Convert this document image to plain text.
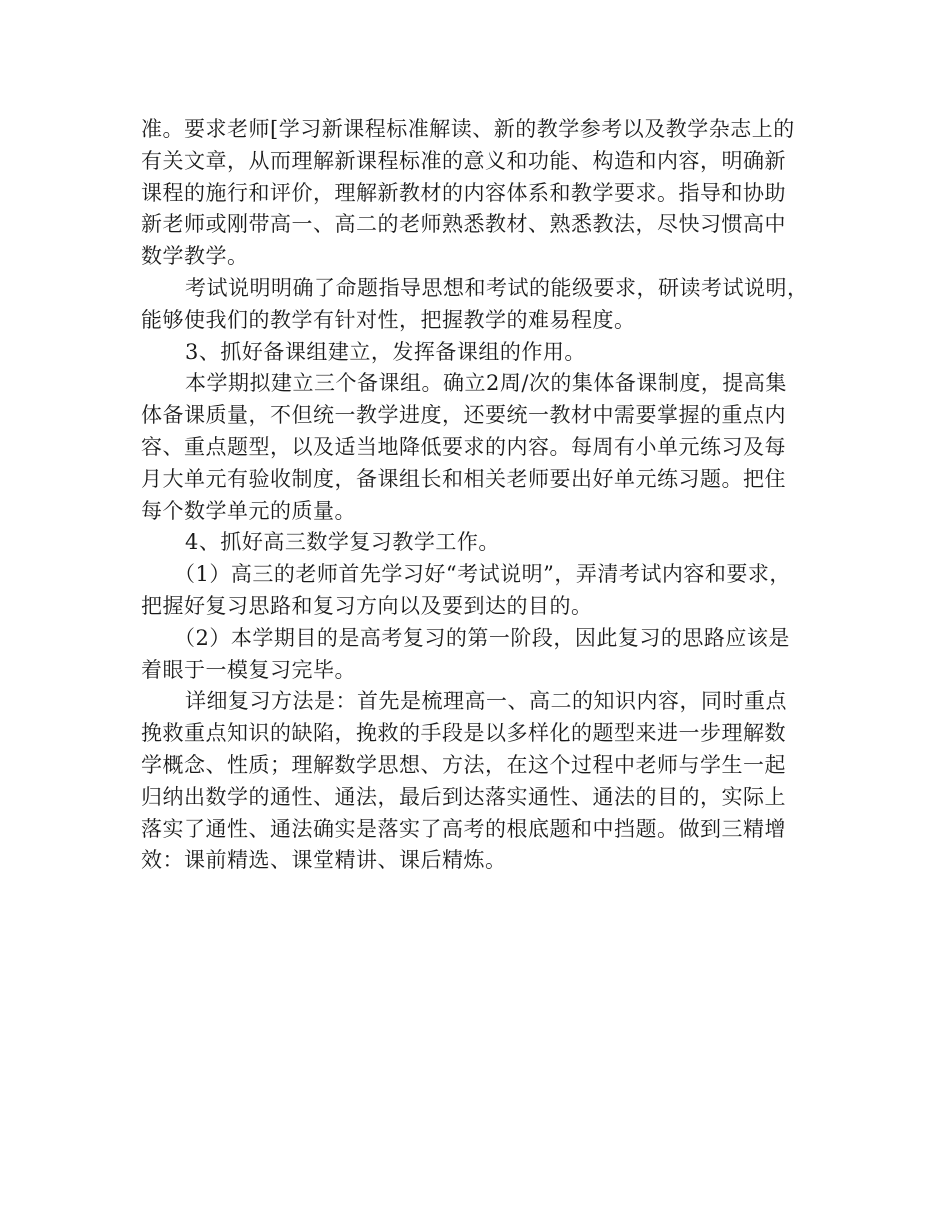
准。要求老师[学习新课程标准解读、新的教学参考以及教学杂志上的
有关文章，从而理解新课程标准的意义和功能、构造和内容，明确新
课程的施行和评价，理解新教材的内容体系和教学要求。指导和协助
新老师或刚带高一、高二的老师熟悉教材、熟悉教法，尽快习惯高中
数学教学。
考试说明明确了命题指导思想和考试的能级要求，研读考试说明，
能够使我们的教学有针对性，把握教学的难易程度。
3、抓好备课组建立，发挥备课组的作用。
本学期拟建立三个备课组。确立2周/次的集体备课制度，提高集
体备课质量，不但统一教学进度，还要统一教材中需要掌握的重点内
容、重点题型，以及适当地降低要求的内容。每周有小单元练习及每
月大单元有验收制度，备课组长和相关老师要出好单元练习题。把住
每个数学单元的质量。
4、抓好高三数学复习教学工作。
（1）高三的老师首先学习好“考试说明”，弄清考试内容和要求，
把握好复习思路和复习方向以及要到达的目的。
（2）本学期目的是高考复习的第一阶段，因此复习的思路应该是
着眼于一模复习完毕。
详细复习方法是：首先是梳理高一、高二的知识内容，同时重点
挽救重点知识的缺陷，挽救的手段是以多样化的题型来进一步理解数
学概念、性质；理解数学思想、方法，在这个过程中老师与学生一起
归纳出数学的通性、通法，最后到达落实通性、通法的目的，实际上
落实了通性、通法确实是落实了高考的根底题和中挡题。做到三精增
效：课前精选、课堂精讲、课后精炼。
